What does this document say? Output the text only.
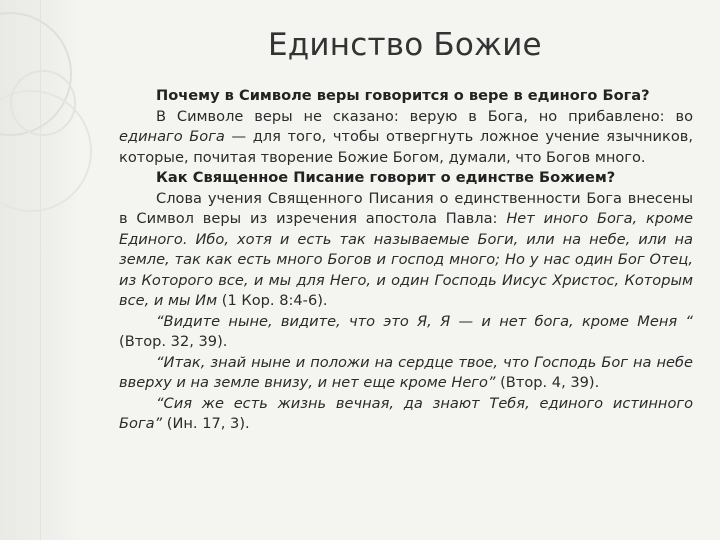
Единство Божие

Почему в Символе веры говорится о вере в единого Бога?

В Символе веры не сказано: верую в Бога, но прибавлено: во единаго Бога — для того, чтобы отвергнуть ложное учение язычников, которые, почитая творение Божие Богом, думали, что Богов много.

Как Священное Писание говорит о единстве Божием?

Слова учения Священного Писания о единственности Бога внесены в Символ веры из изречения апостола Павла: Нет иного Бога, кроме Единого. Ибо, хотя и есть так называемые Боги, или на небе, или на земле, так как есть много Богов и господ много; Но у нас один Бог Отец, из Которого все, и мы для Него, и один Господь Иисус Христос, Которым все, и мы Им (1 Кор. 8:4-6).

“Видите ныне, видите, что это Я, Я — и нет бога, кроме Меня “ (Втор. 32, 39).

“Итак, знай ныне и положи на сердце твое, что Господь Бог на небе вверху и на земле внизу, и нет еще кроме Него” (Втор. 4, 39).

“Сия же есть жизнь вечная, да знают Тебя, единого истинного Бога” (Ин. 17, 3).
